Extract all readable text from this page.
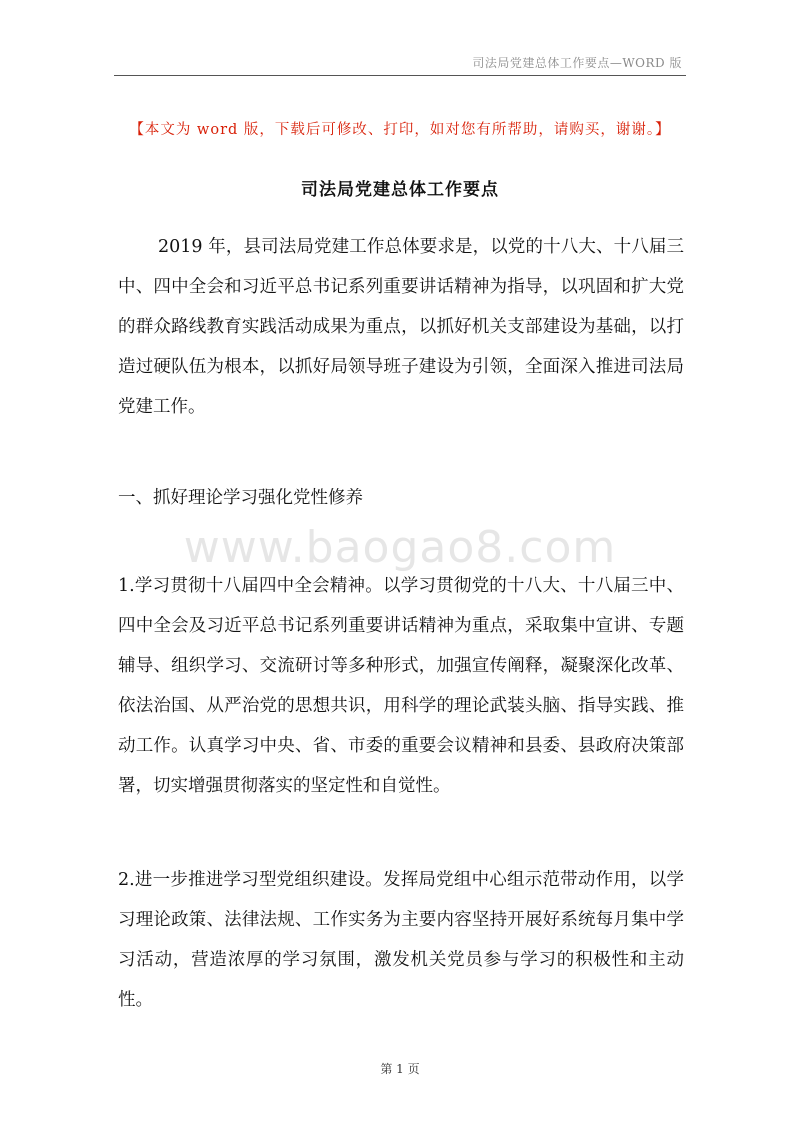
司法局党建总体工作要点—WORD 版
【本文为 word 版，下载后可修改、打印，如对您有所帮助，请购买，谢谢。】
www.baogao8.com
司法局党建总体工作要点

2019 年，县司法局党建工作总体要求是，以党的十八大、十八届三中、四中全会和习近平总书记系列重要讲话精神为指导，以巩固和扩大党的群众路线教育实践活动成果为重点，以抓好机关支部建设为基础，以打造过硬队伍为根本，以抓好局领导班子建设为引领，全面深入推进司法局党建工作。

一、抓好理论学习强化党性修养

1.学习贯彻十八届四中全会精神。以学习贯彻党的十八大、十八届三中、四中全会及习近平总书记系列重要讲话精神为重点，采取集中宣讲、专题辅导、组织学习、交流研讨等多种形式，加强宣传阐释，凝聚深化改革、依法治国、从严治党的思想共识，用科学的理论武装头脑、指导实践、推动工作。认真学习中央、省、市委的重要会议精神和县委、县政府决策部署，切实增强贯彻落实的坚定性和自觉性。

2.进一步推进学习型党组织建设。发挥局党组中心组示范带动作用，以学习理论政策、法律法规、工作实务为主要内容坚持开展好系统每月集中学习活动，营造浓厚的学习氛围，激发机关党员参与学习的积极性和主动性。

第 1 页
